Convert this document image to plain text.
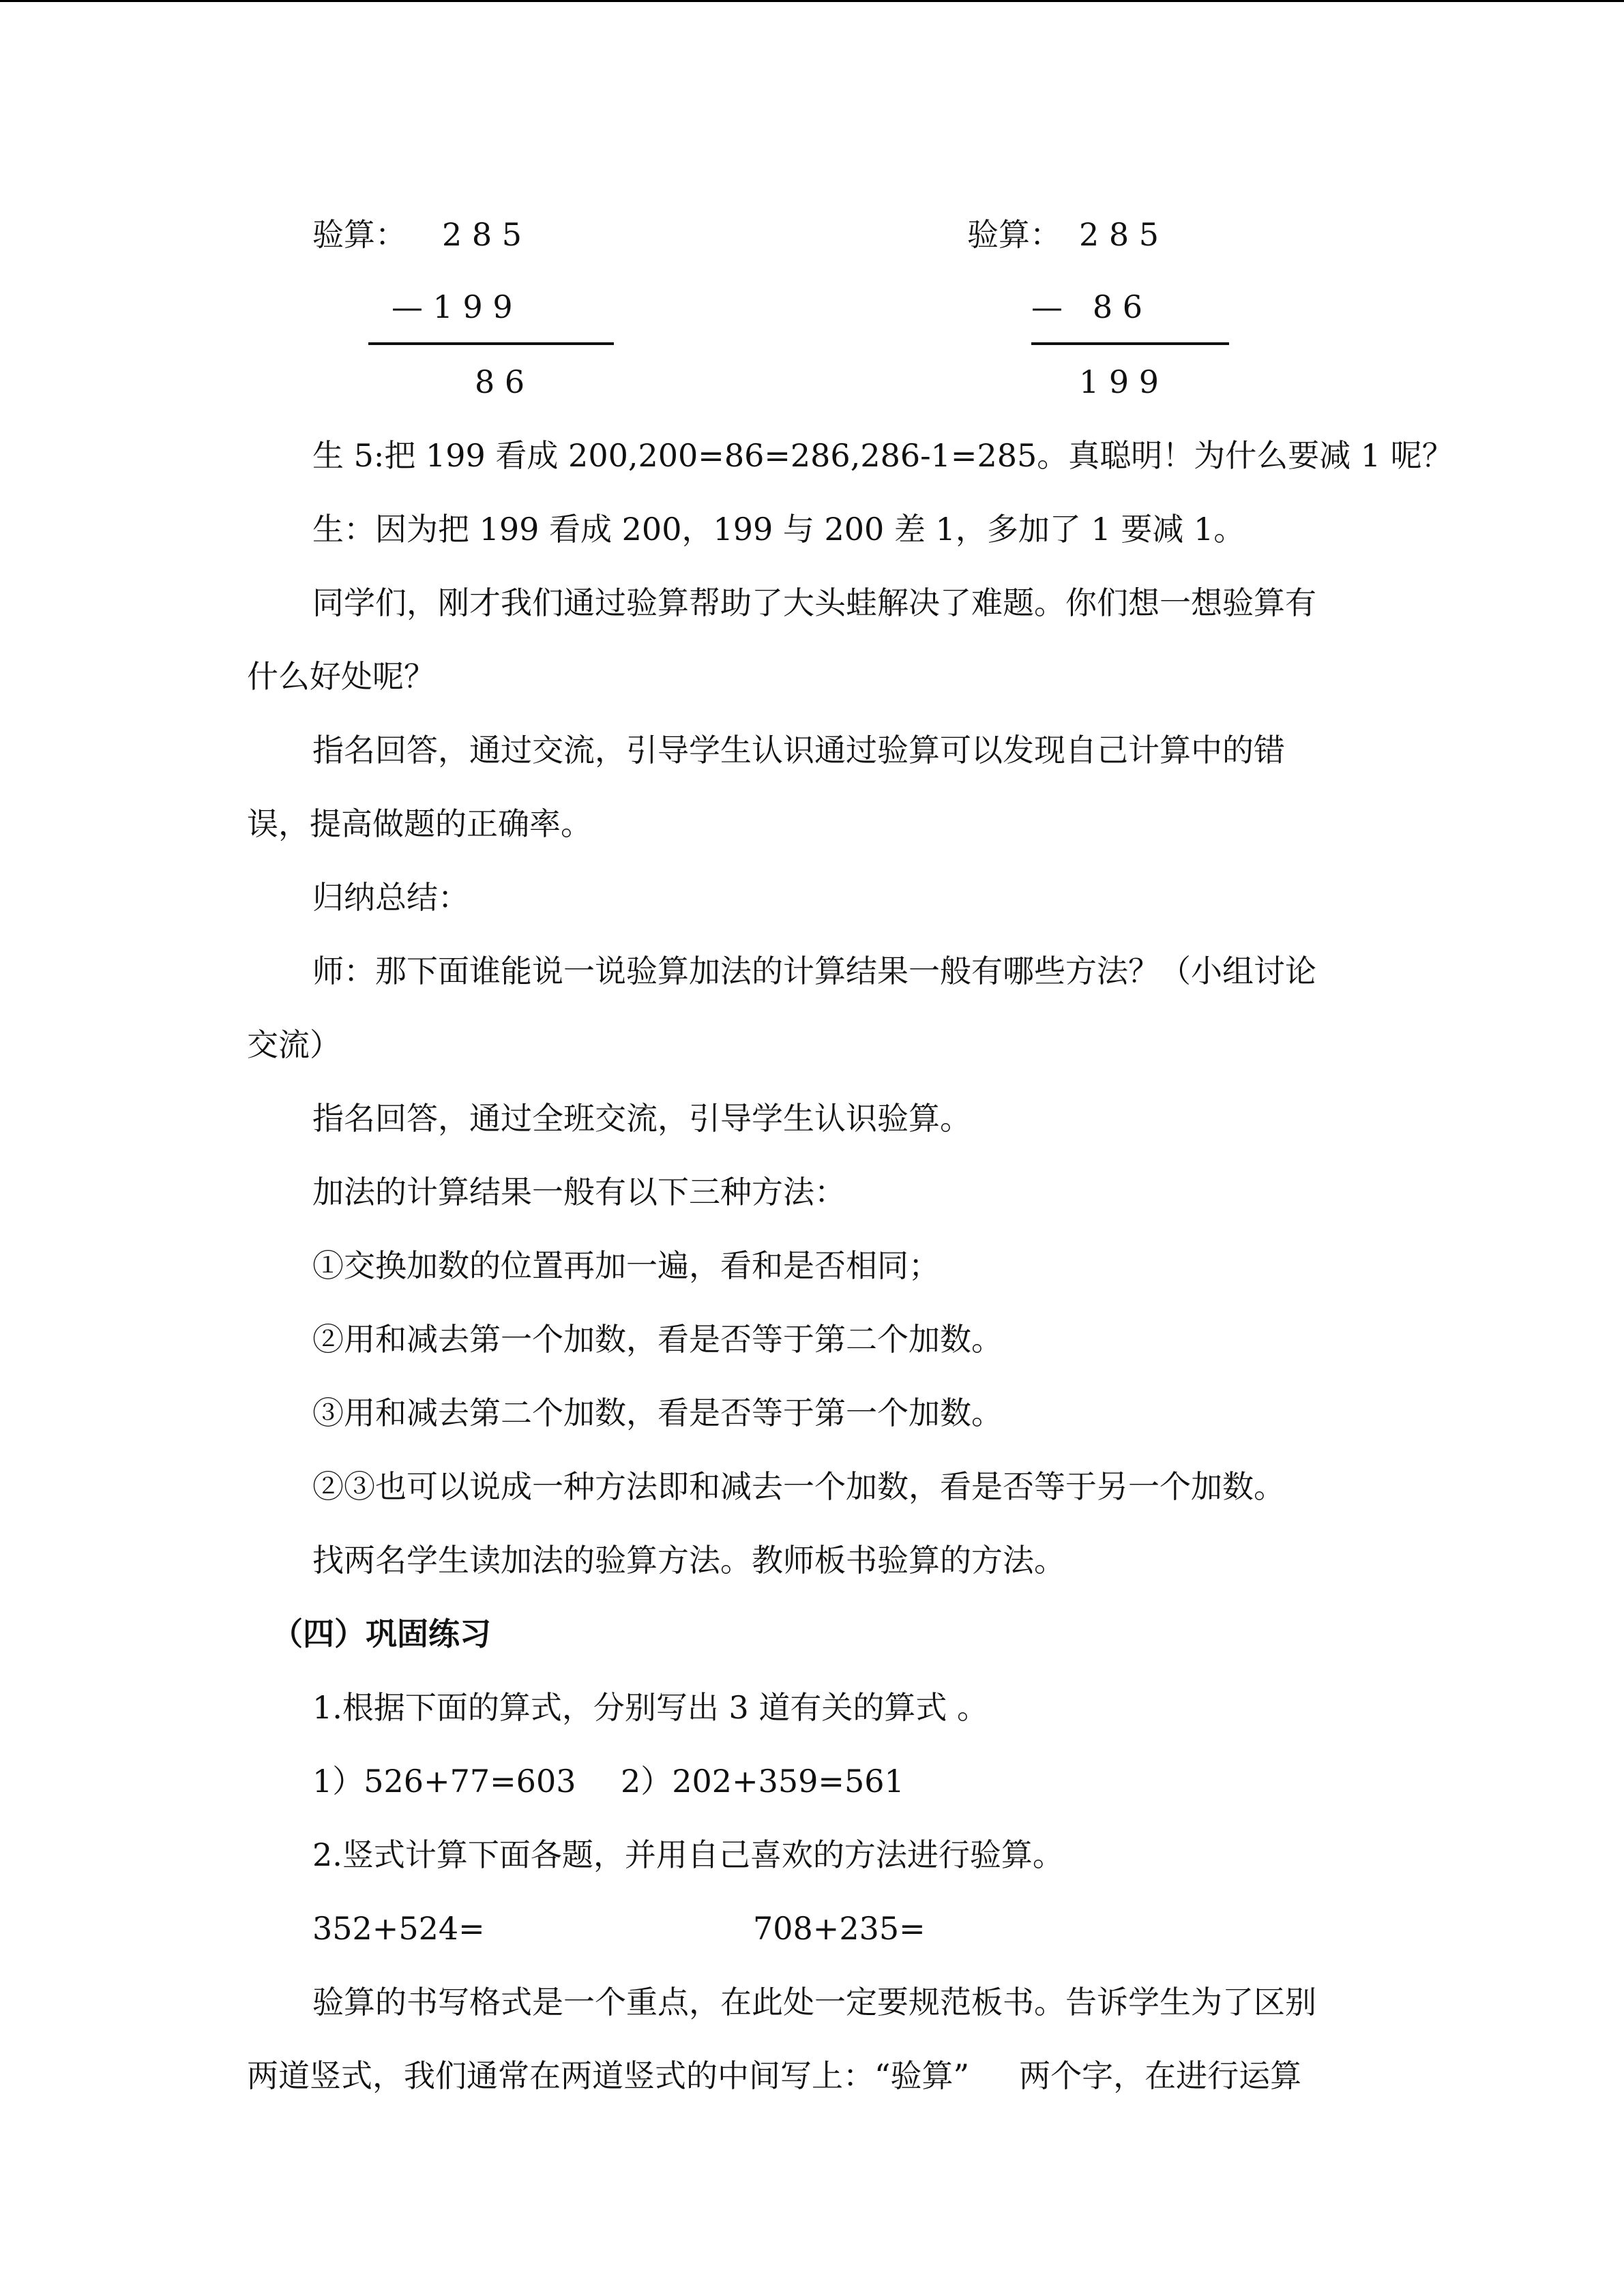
验算： 2 8 5
— 1 9 9
8 6
验算： 2 8 5
—   8 6
1 9 9
生 5:把 199 看成 200,200=86=286,286-1=285。真聪明！为什么要减 1 呢？
生：因为把 199 看成 200，199 与 200 差 1，多加了 1 要减 1。
同学们，刚才我们通过验算帮助了大头蛙解决了难题。你们想一想验算有
什么好处呢？
指名回答，通过交流，引导学生认识通过验算可以发现自己计算中的错
误，提高做题的正确率。
归纳总结：
师：那下面谁能说一说验算加法的计算结果一般有哪些方法？（小组讨论
交流）
指名回答，通过全班交流，引导学生认识验算。
加法的计算结果一般有以下三种方法：
①交换加数的位置再加一遍，看和是否相同；
②用和减去第一个加数，看是否等于第二个加数。
③用和减去第二个加数，看是否等于第一个加数。
②③也可以说成一种方法即和减去一个加数，看是否等于另一个加数。
找两名学生读加法的验算方法。教师板书验算的方法。
（四）巩固练习
1.根据下面的算式，分别写出 3 道有关的算式 。
1）526+77=603 2）202+359=561
2.竖式计算下面各题，并用自己喜欢的方法进行验算。
352+524=	708+235=
验算的书写格式是一个重点，在此处一定要规范板书。告诉学生为了区别
两道竖式，我们通常在两道竖式的中间写上：“验算”     两个字，在进行运算
